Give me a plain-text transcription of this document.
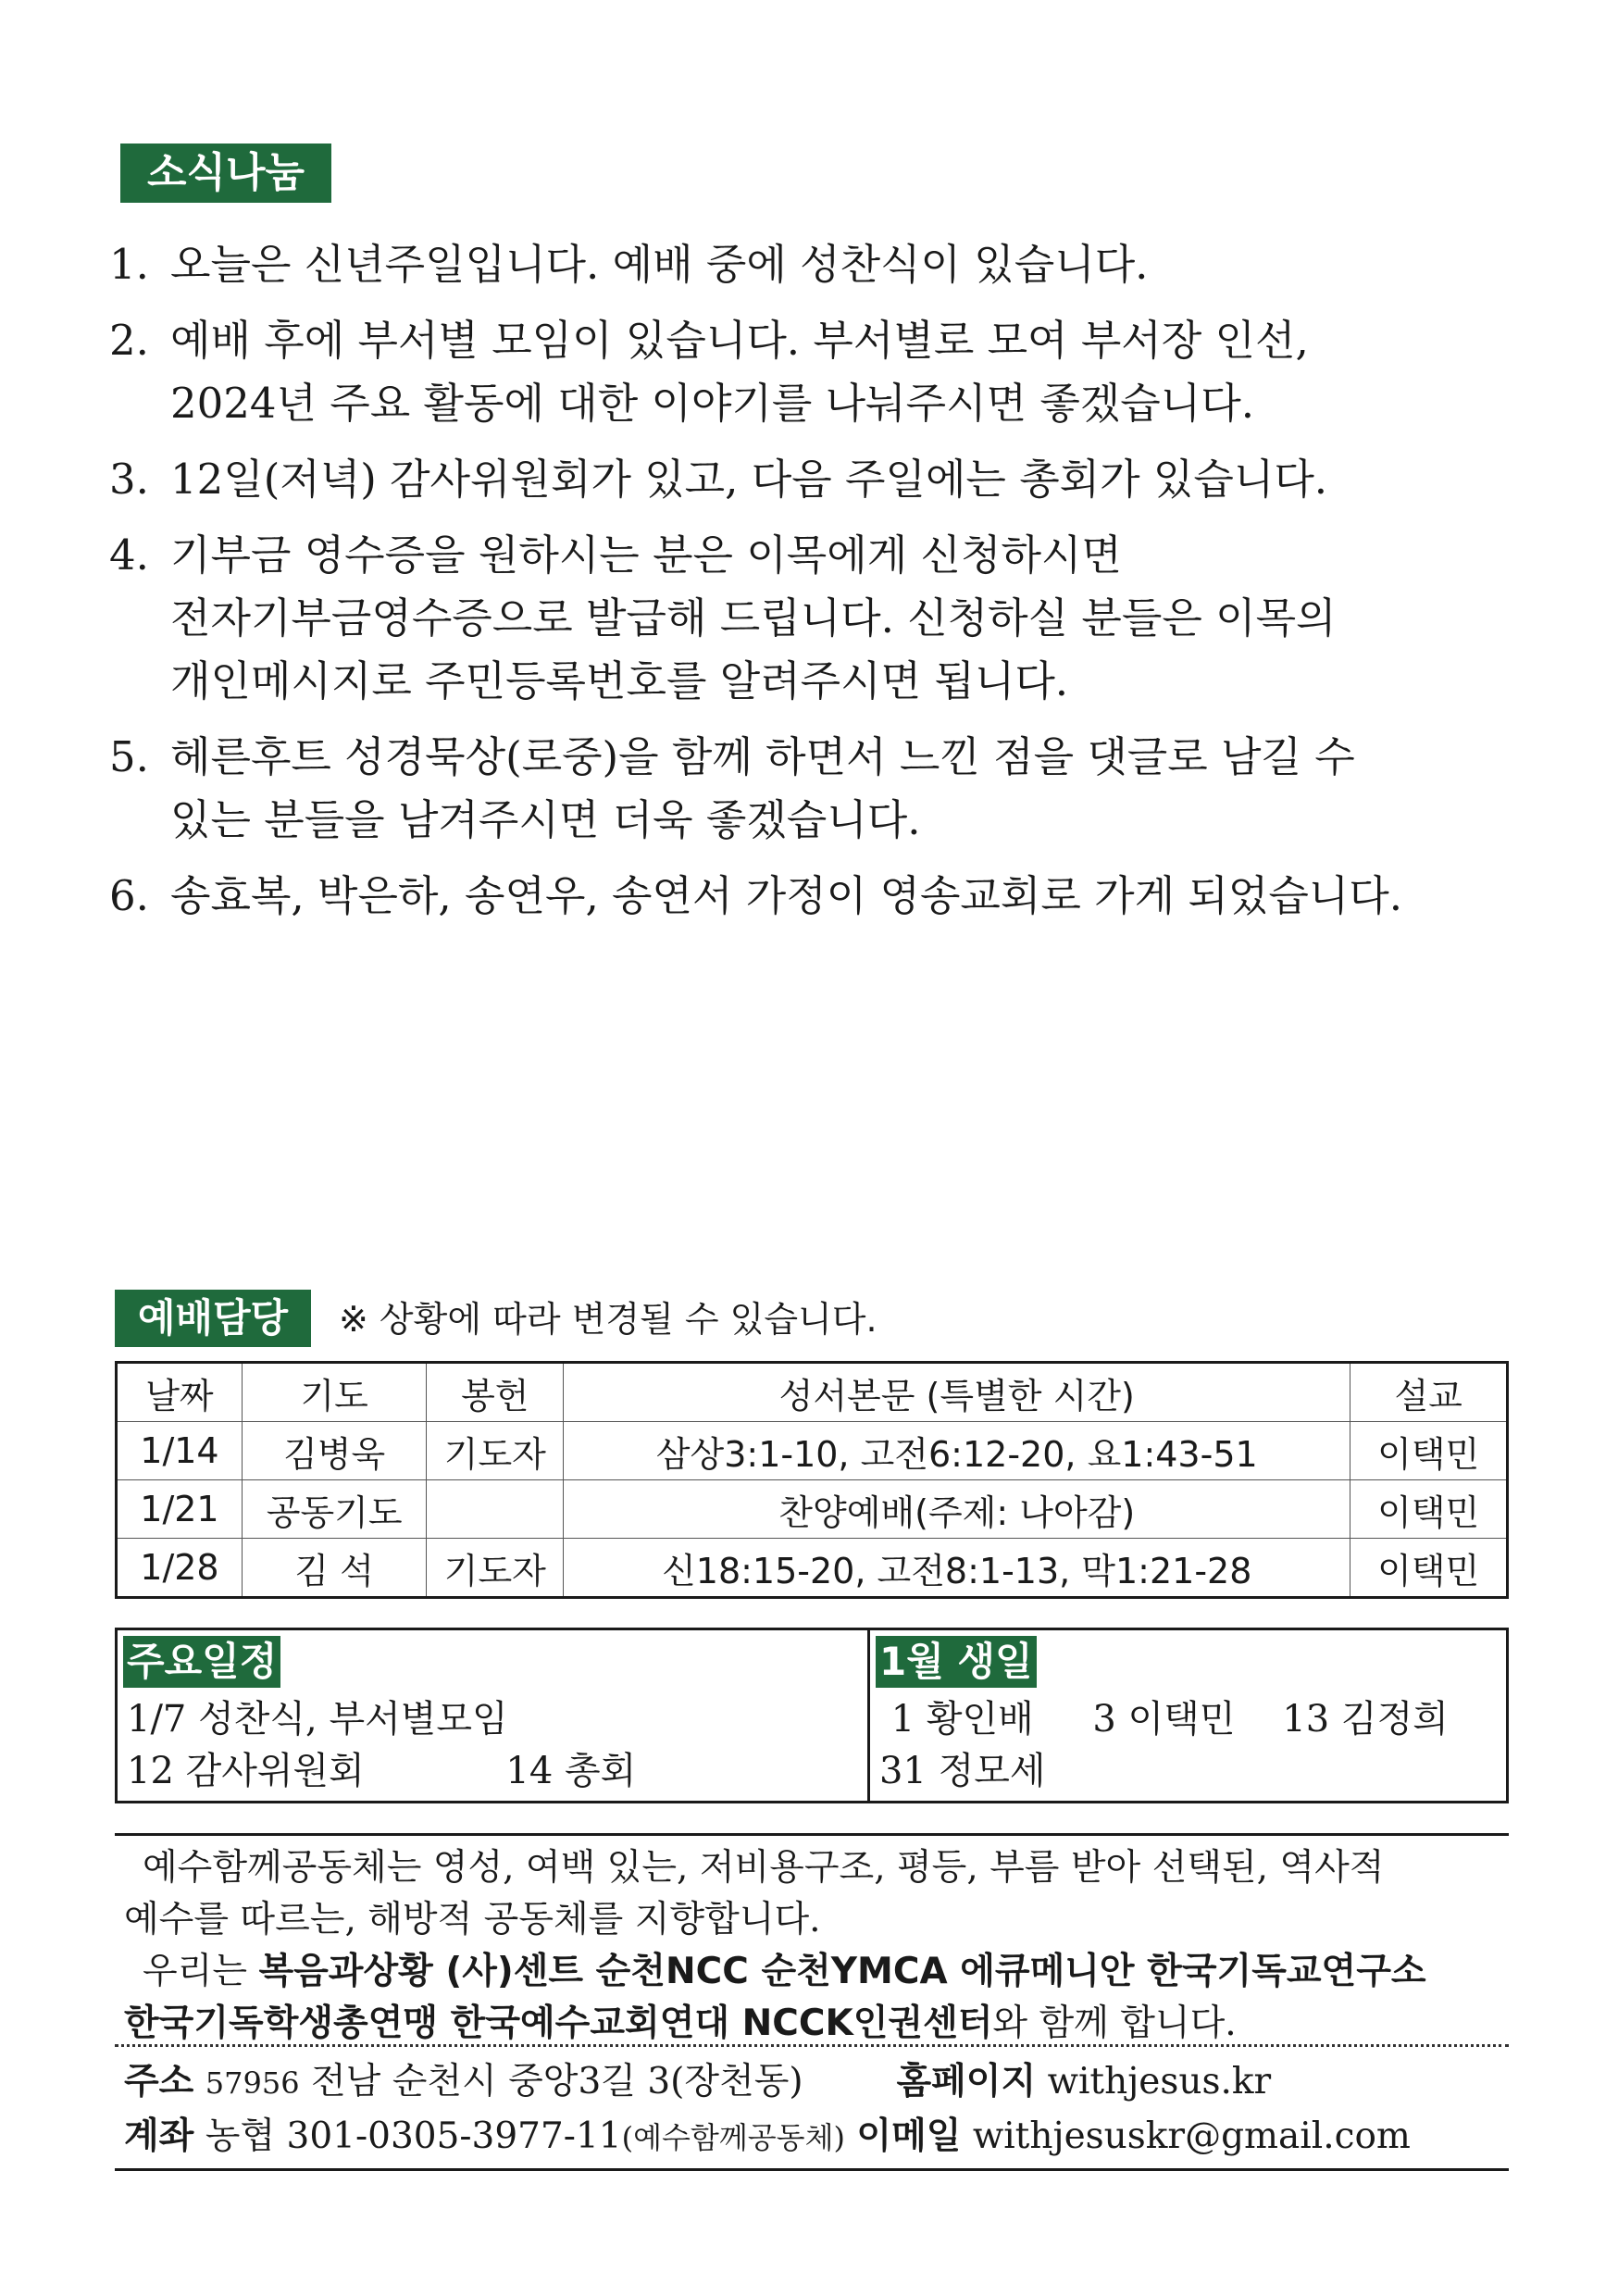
소식나눔
1. 오늘은 신년주일입니다. 예배 중에 성찬식이 있습니다.
2. 예배 후에 부서별 모임이 있습니다. 부서별로 모여 부서장 인선,
2024년 주요 활동에 대한 이야기를 나눠주시면 좋겠습니다.
3. 12일(저녁) 감사위원회가 있고, 다음 주일에는 총회가 있습니다.
4. 기부금 영수증을 원하시는 분은 이목에게 신청하시면
전자기부금영수증으로 발급해 드립니다. 신청하실 분들은 이목의
개인메시지로 주민등록번호를 알려주시면 됩니다.
5. 헤른후트 성경묵상(로중)을 함께 하면서 느낀 점을 댓글로 남길 수
있는 분들을 남겨주시면 더욱 좋겠습니다.
6. 송효복, 박은하, 송연우, 송연서 가정이 영송교회로 가게 되었습니다.
예배담당	※ 상황에 따라 변경될 수 있습니다.
날짜	기도	봉헌	성서본문 (특별한 시간)	설교
1/14	김병욱	기도자	삼상3:1-10, 고전6:12-20, 요1:43-51	이택민
1/21	공동기도		찬양예배(주제: 나아감)	이택민
1/28	김 석	기도자	신18:15-20, 고전8:1-13, 막1:21-28	이택민
주요일정
1/7 성찬식, 부서별모임
12 감사위원회            14 총회
1월 생일
1 황인배     3 이택민    13 김정희
31 정모세

예수함께공동체는 영성, 여백 있는, 저비용구조, 평등, 부름 받아 선택된, 역사적

예수를 따르는, 해방적 공동체를 지향합니다.

우리는 복음과상황 (사)센트 순천NCC 순천YMCA 에큐메니안 한국기독교연구소

한국기독학생총연맹 한국예수교회연대 NCCK인권센터와 함께 합니다.

주소 57956 전남 순천시 중앙3길 3(장천동)	홈페이지 withjesus.kr
계좌 농협 301-0305-3977-11(예수함께공동체) 이메일 withjesuskr@gmail.com
